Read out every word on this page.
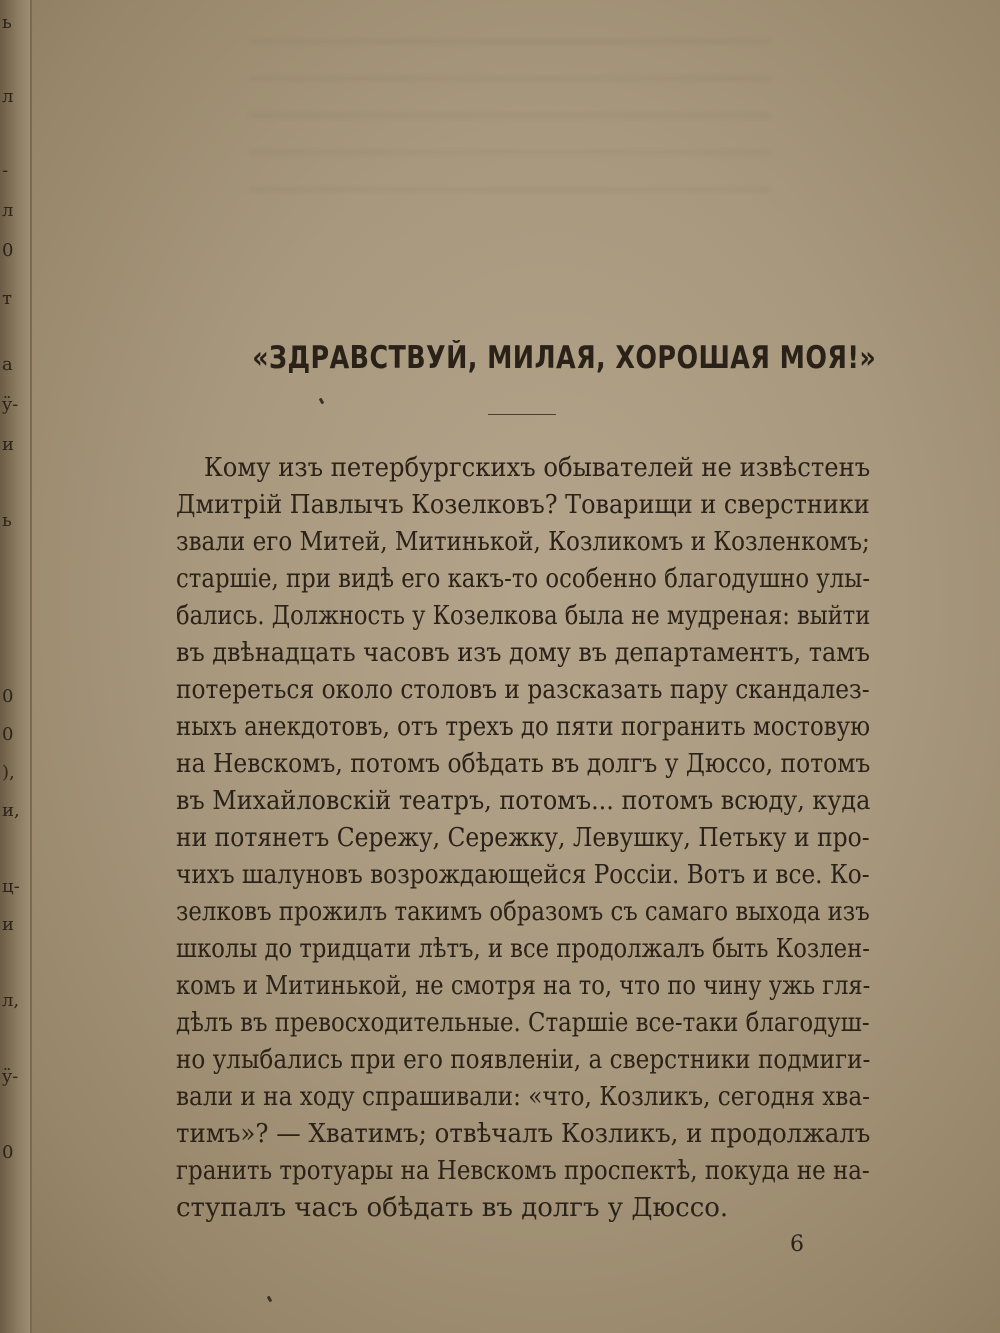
ь
л
-
л
0
т
а
ÿ-
и
ь
0
0
),
и,
ц-
и
л,
ÿ-
0
«ЗДРАВСТВУЙ, МИЛАЯ, ХОРОШАЯ МОЯ!»
Кому изъ петербургскихъ обывателей не извѣстенъ
Дмитрій Павлычъ Козелковъ? Товарищи и сверстники
звали его Митей, Митинькой, Козликомъ и Козленкомъ;
старшіе, при видѣ его какъ-то особенно благодушно улы-
бались. Должность у Козелкова была не мудреная: выйти
въ двѣнадцать часовъ изъ дому въ департаментъ, тамъ
потереться около столовъ и разсказать пару скандалез-
ныхъ анекдотовъ, отъ трехъ до пяти погранить мостовую
на Невскомъ, потомъ обѣдать въ долгъ у Дюссо, потомъ
въ Михайловскій театръ, потомъ... потомъ всюду, куда
ни потянетъ Сережу, Сережку, Левушку, Петьку и про-
чихъ шалуновъ возрождающейся Россіи. Вотъ и все. Ко-
зелковъ прожилъ такимъ образомъ съ самаго выхода изъ
школы до тридцати лѣтъ, и все продолжалъ быть Козлен-
комъ и Митинькой, не смотря на то, что по чину ужь гля-
дѣлъ въ превосходительные. Старшіе все-таки благодуш-
но улыбались при его появленіи, а сверстники подмиги-
вали и на ходу спрашивали: «что, Козликъ, сегодня хва-
тимъ»? — Хватимъ; отвѣчалъ Козликъ, и продолжалъ
гранить тротуары на Невскомъ проспектѣ, покуда не на-
ступалъ часъ обѣдать въ долгъ у Дюссо.
6
